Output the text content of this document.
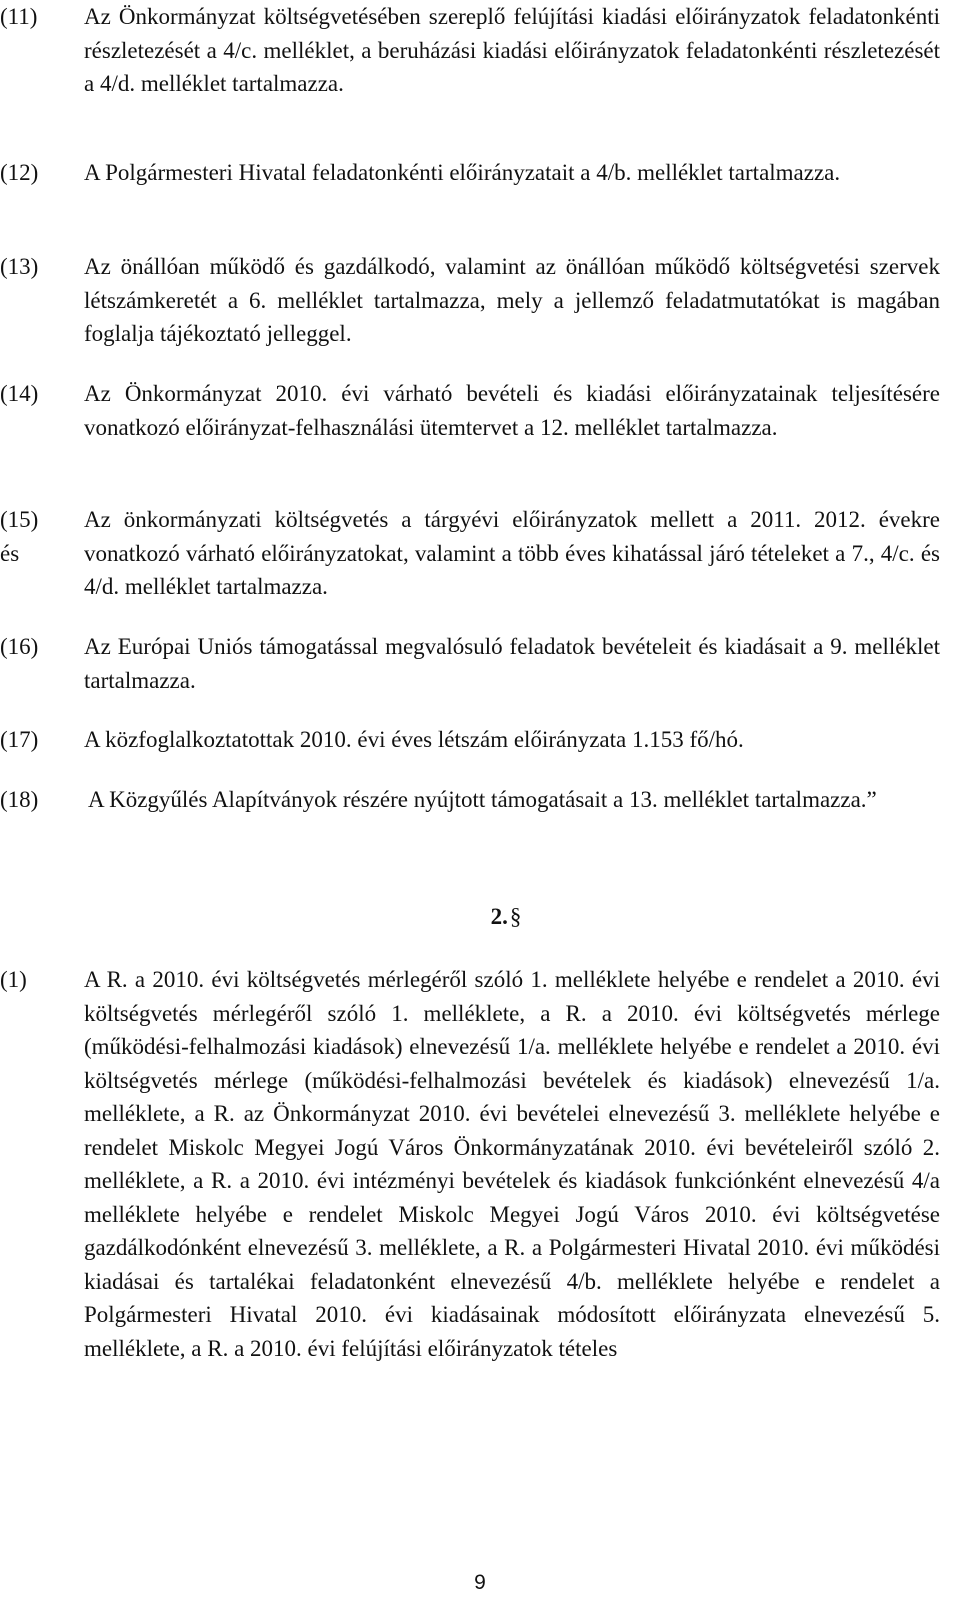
(11)	Az Önkormányzat költségvetésében szereplő felújítási kiadási előirányzatok feladatonkénti részletezését a 4/c. melléklet, a beruházási kiadási előirányzatok feladatonkénti részletezését a 4/d. melléklet tartalmazza.
(12)	A Polgármesteri Hivatal feladatonkénti előirányzatait a 4/b. melléklet tartalmazza.
(13)	Az önállóan működő és gazdálkodó, valamint az önállóan működő költségvetési szervek létszámkeretét a 6. melléklet tartalmazza, mely a jellemző feladatmutatókat is magában foglalja tájékoztató jelleggel.
(14)	Az Önkormányzat 2010. évi várható bevételi és kiadási előirányzatainak teljesítésére vonatkozó előirányzat-felhasználási ütemtervet a 12. melléklet tartalmazza.
(15)
és
Az önkormányzati költségvetés a tárgyévi előirányzatok mellett a 2011. 2012. évekre vonatkozó várható előirányzatokat, valamint a több éves kihatással járó tételeket a 7., 4/c. és 4/d. melléklet tartalmazza.
(16)	Az Európai Uniós támogatással megvalósuló feladatok bevételeit és kiadásait a 9. melléklet tartalmazza.
(17)	A közfoglalkoztatottak 2010. évi éves létszám előirányzata 1.153 fő/hó.
(18)	A Közgyűlés Alapítványok részére nyújtott támogatásait a 13. melléklet tartalmazza.”
2. §
(1)	A R. a 2010. évi költségvetés mérlegéről szóló 1. melléklete helyébe e rendelet a 2010. évi költségvetés mérlegéről szóló 1. melléklete, a R. a 2010. évi költségvetés mérlege (működési-felhalmozási kiadások) elnevezésű 1/a. melléklete helyébe e rendelet a 2010. évi költségvetés mérlege (működési-felhalmozási bevételek és kiadások) elnevezésű 1/a. melléklete, a R. az Önkormányzat 2010. évi bevételei elnevezésű 3. melléklete helyébe e rendelet Miskolc Megyei Jogú Város Önkormányzatának 2010. évi bevételeiről szóló 2. melléklete, a R. a 2010. évi intézményi bevételek és kiadások funkciónként elnevezésű 4/a melléklete helyébe e rendelet Miskolc Megyei Jogú Város 2010. évi költségvetése gazdálkodónként elnevezésű 3. melléklete, a R. a Polgármesteri Hivatal 2010. évi működési kiadásai és tartalékai feladatonként elnevezésű 4/b. melléklete helyébe e rendelet a Polgármesteri Hivatal 2010. évi kiadásainak módosított előirányzata elnevezésű 5. melléklete, a R. a 2010. évi felújítási előirányzatok tételes
9
